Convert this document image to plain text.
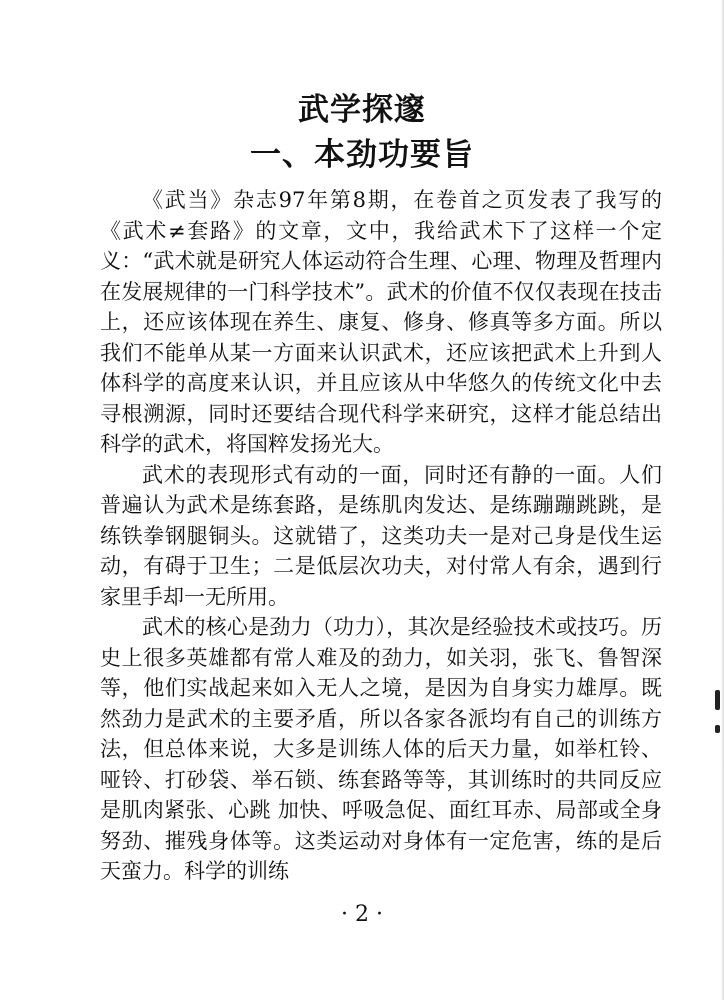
武学探邃
一、本劲功要旨

《武当》杂志97年第8期，在卷首之页发表了我写的《武术≠套路》的文章，文中，我给武术下了这样一个定义：“武术就是研究人体运动符合生理、心理、物理及哲理内在发展规律的一门科学技术”。武术的价值不仅仅表现在技击上，还应该体现在养生、康复、修身、修真等多方面。所以我们不能单从某一方面来认识武术，还应该把武术上升到人体科学的高度来认识，并且应该从中华悠久的传统文化中去寻根溯源，同时还要结合现代科学来研究，这样才能总结出科学的武术，将国粹发扬光大。

武术的表现形式有动的一面，同时还有静的一面。人们普遍认为武术是练套路，是练肌肉发达、是练蹦蹦跳跳，是练铁拳钢腿铜头。这就错了，这类功夫一是对己身是伐生运动，有碍于卫生；二是低层次功夫，对付常人有余，遇到行家里手却一无所用。

武术的核心是劲力（功力），其次是经验技术或技巧。历史上很多英雄都有常人难及的劲力，如关羽，张飞、鲁智深等，他们实战起来如入无人之境，是因为自身实力雄厚。既然劲力是武术的主要矛盾，所以各家各派均有自己的训练方法，但总体来说，大多是训练人体的后天力量，如举杠铃、哑铃、打砂袋、举石锁、练套路等等，其训练时的共同反应是肌肉紧张、心跳 加快、呼吸急促、面红耳赤、局部或全身努劲、摧残身体等。这类运动对身体有一定危害，练的是后天蛮力。科学的训练

· 2 ·
